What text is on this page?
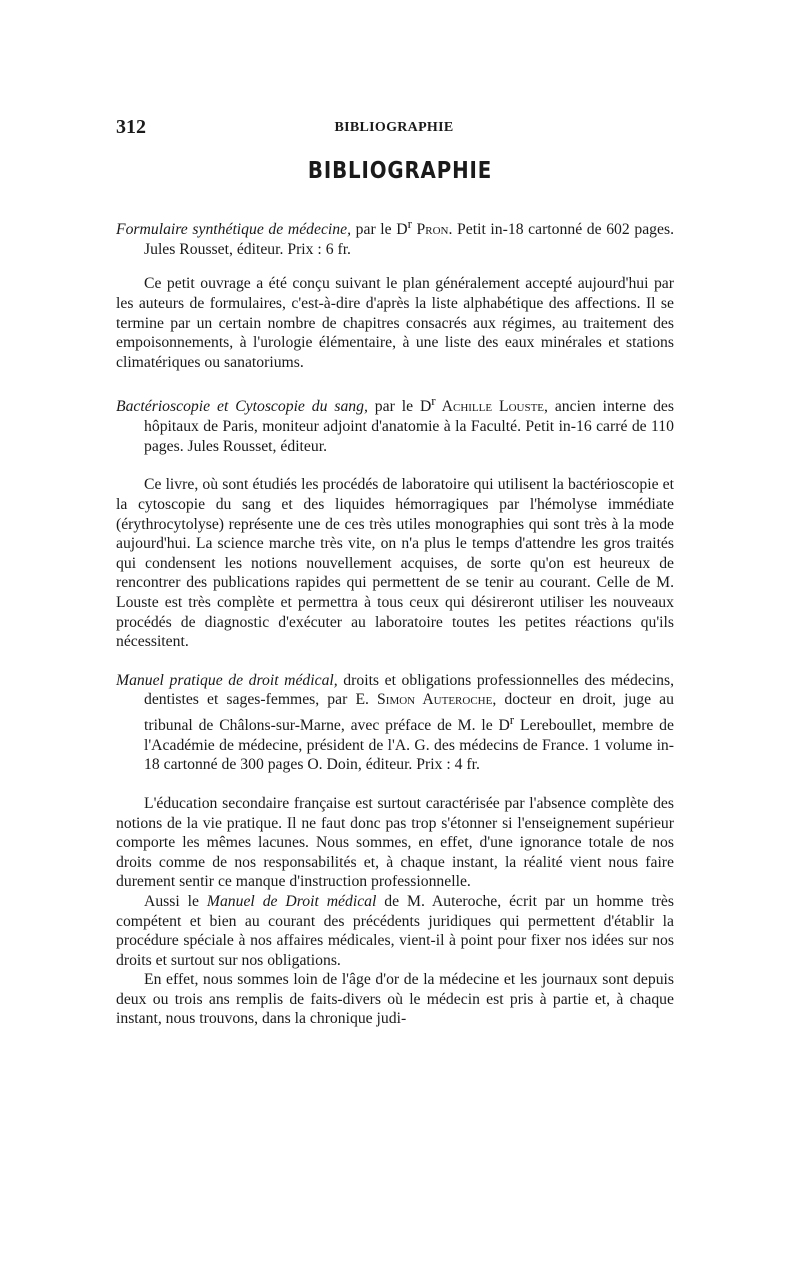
312	BIBLIOGRAPHIE
BIBLIOGRAPHIE

Formulaire synthétique de médecine, par le $D^r$ Pron. Petit in-18 cartonné de 602 pages. Jules Rousset, éditeur. Prix : 6 fr.

Ce petit ouvrage a été conçu suivant le plan généralement accepté aujourd'hui par les auteurs de formulaires, c'est-à-dire d'après la liste alphabétique des affections. Il se termine par un certain nombre de chapitres consacrés aux régimes, au traitement des empoisonnements, à l'urologie élémentaire, à une liste des eaux minérales et stations climatériques ou sanatoriums.

Bactérioscopie et Cytoscopie du sang, par le $D^r$ Achille Louste, ancien interne des hôpitaux de Paris, moniteur adjoint d'anatomie à la Faculté. Petit in-16 carré de 110 pages. Jules Rousset, éditeur.

Ce livre, où sont étudiés les procédés de laboratoire qui utilisent la bactérioscopie et la cytoscopie du sang et des liquides hémorragiques par l'hémolyse immédiate (érythrocytolyse) représente une de ces très utiles monographies qui sont très à la mode aujourd'hui. La science marche très vite, on n'a plus le temps d'attendre les gros traités qui condensent les notions nouvellement acquises, de sorte qu'on est heureux de rencontrer des publications rapides qui permettent de se tenir au courant. Celle de M. Louste est très complète et permettra à tous ceux qui désireront utiliser les nouveaux procédés de diagnostic d'exécuter au laboratoire toutes les petites réactions qu'ils nécessitent.

Manuel pratique de droit médical, droits et obligations professionnelles des médecins, dentistes et sages-femmes, par E. Simon Auteroche, docteur en droit, juge au tribunal de Châlons-sur-Marne, avec préface de M. le $D^r$ Lereboullet, membre de l'Académie de médecine, président de l'A. G. des médecins de France. 1 volume in-18 cartonné de 300 pages O. Doin, éditeur. Prix : 4 fr.

L'éducation secondaire française est surtout caractérisée par l'absence complète des notions de la vie pratique. Il ne faut donc pas trop s'étonner si l'enseignement supérieur comporte les mêmes lacunes. Nous sommes, en effet, d'une ignorance totale de nos droits comme de nos responsabilités et, à chaque instant, la réalité vient nous faire durement sentir ce manque d'instruction professionnelle.

Aussi le Manuel de Droit médical de M. Auteroche, écrit par un homme très compétent et bien au courant des précédents juridiques qui permettent d'établir la procédure spéciale à nos affaires médicales, vient-il à point pour fixer nos idées sur nos droits et surtout sur nos obligations.

En effet, nous sommes loin de l'âge d'or de la médecine et les journaux sont depuis deux ou trois ans remplis de faits-divers où le médecin est pris à partie et, à chaque instant, nous trouvons, dans la chronique judi-
